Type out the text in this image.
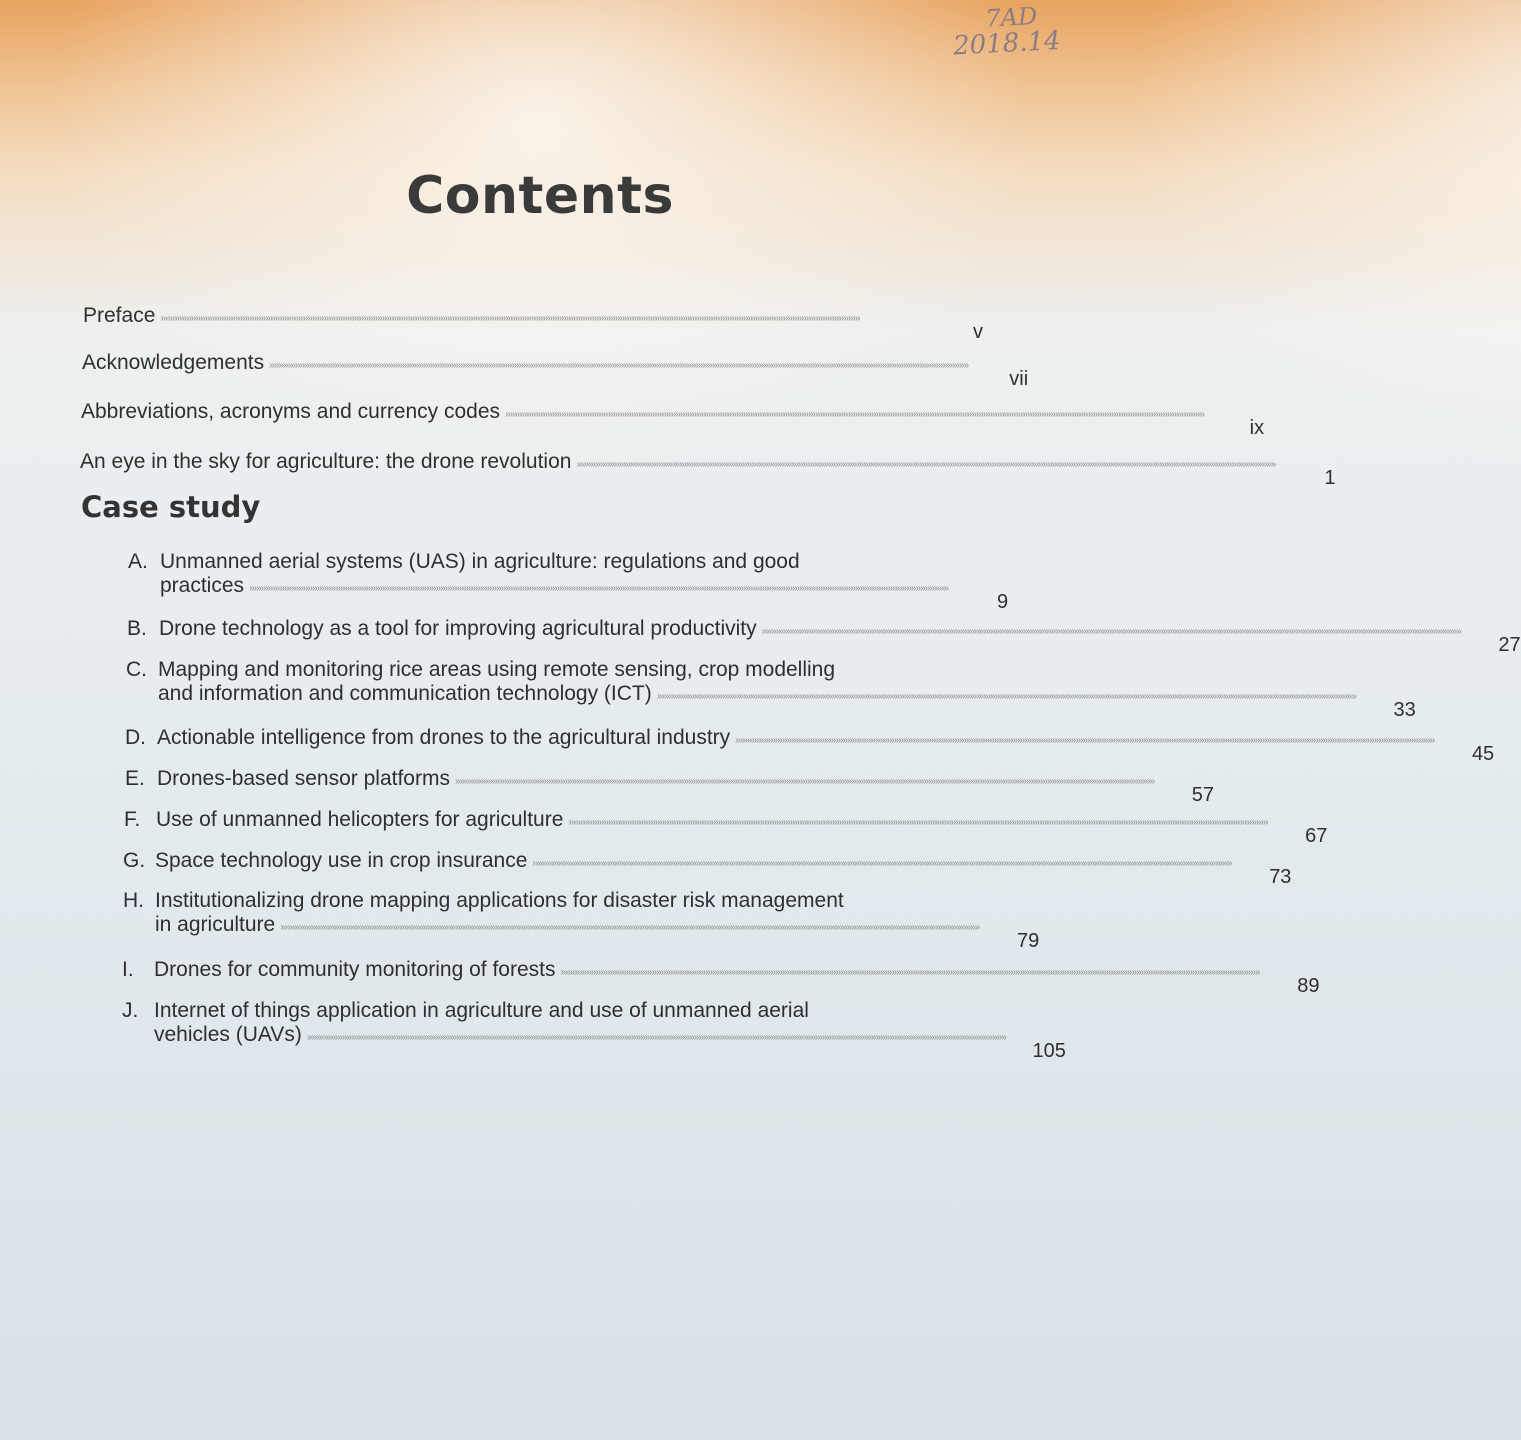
7AD
2018.14
Contents
Preface ››››››››››››››››››››››››››››››››››››››››››››››››››››››››››››››››››››››››››››››››››››››››››››››››››››››››››››››››››››››››››››››››››››››››››››››››››››››››››››››››››››››››››››››››››››››››››››››››››››››››››››››››››››››››››››››››››››››››››››››››››››››››››››››››››››››››››››››››››››››››››››››››››››››››››››
v
Acknowledgements ››››››››››››››››››››››››››››››››››››››››››››››››››››››››››››››››››››››››››››››››››››››››››››››››››››››››››››››››››››››››››››››››››››››››››››››››››››››››››››››››››››››››››››››››››››››››››››››››››››››››››››››››››››››››››››››››››››››››››››››››››››››››››››››››››››››››››››››››››››››››››››››››››››››››››››
vii
Abbreviations, acronyms and currency codes ››››››››››››››››››››››››››››››››››››››››››››››››››››››››››››››››››››››››››››››››››››››››››››››››››››››››››››››››››››››››››››››››››››››››››››››››››››››››››››››››››››››››››››››››››››››››››››››››››››››››››››››››››››››››››››››››››››››››››››››››››››››››››››››››››››››››››››››››››››››››››››››››››››››››››››
ix
An eye in the sky for agriculture: the drone revolution ››››››››››››››››››››››››››››››››››››››››››››››››››››››››››››››››››››››››››››››››››››››››››››››››››››››››››››››››››››››››››››››››››››››››››››››››››››››››››››››››››››››››››››››››››››››››››››››››››››››››››››››››››››››››››››››››››››››››››››››››››››››››››››››››››››››››››››››››››››››››››››››››››››››››››››
1
Case study
A. Unmanned aerial systems (UAS) in agriculture: regulations and good
practices ››››››››››››››››››››››››››››››››››››››››››››››››››››››››››››››››››››››››››››››››››››››››››››››››››››››››››››››››››››››››››››››››››››››››››››››››››››››››››››››››››››››››››››››››››››››››››››››››››››››››››››››››››››››››››››››››››››››››››››››››››››››››››››››››››››››››››››››››››››››››››››››››››››››››››››
9
B. Drone technology as a tool for improving agricultural productivity ››››››››››››››››››››››››››››››››››››››››››››››››››››››››››››››››››››››››››››››››››››››››››››››››››››››››››››››››››››››››››››››››››››››››››››››››››››››››››››››››››››››››››››››››››››››››››››››››››››››››››››››››››››››››››››››››››››››››››››››››››››››››››››››››››››››››››››››››››››››››››››››››››››››››››››
27
C. Mapping and monitoring rice areas using remote sensing, crop modelling
and information and communication technology (ICT) ››››››››››››››››››››››››››››››››››››››››››››››››››››››››››››››››››››››››››››››››››››››››››››››››››››››››››››››››››››››››››››››››››››››››››››››››››››››››››››››››››››››››››››››››››››››››››››››››››››››››››››››››››››››››››››››››››››››››››››››››››››››››››››››››››››››››››››››››››››››››››››››››››››››››››››
33
D. Actionable intelligence from drones to the agricultural industry ››››››››››››››››››››››››››››››››››››››››››››››››››››››››››››››››››››››››››››››››››››››››››››››››››››››››››››››››››››››››››››››››››››››››››››››››››››››››››››››››››››››››››››››››››››››››››››››››››››››››››››››››››››››››››››››››››››››››››››››››››››››››››››››››››››››››››››››››››››››››››››››››››››››››››››
45
E. Drones-based sensor platforms ››››››››››››››››››››››››››››››››››››››››››››››››››››››››››››››››››››››››››››››››››››››››››››››››››››››››››››››››››››››››››››››››››››››››››››››››››››››››››››››››››››››››››››››››››››››››››››››››››››››››››››››››››››››››››››››››››››››››››››››››››››››››››››››››››››››››››››››››››››››››››››››››››››››››››››
57
F. Use of unmanned helicopters for agriculture ››››››››››››››››››››››››››››››››››››››››››››››››››››››››››››››››››››››››››››››››››››››››››››››››››››››››››››››››››››››››››››››››››››››››››››››››››››››››››››››››››››››››››››››››››››››››››››››››››››››››››››››››››››››››››››››››››››››››››››››››››››››››››››››››››››››››››››››››››››››››››››››››››››››››››››
67
G. Space technology use in crop insurance ››››››››››››››››››››››››››››››››››››››››››››››››››››››››››››››››››››››››››››››››››››››››››››››››››››››››››››››››››››››››››››››››››››››››››››››››››››››››››››››››››››››››››››››››››››››››››››››››››››››››››››››››››››››››››››››››››››››››››››››››››››››››››››››››››››››››››››››››››››››››››››››››››››››››››››
73
H. Institutionalizing drone mapping applications for disaster risk management
in agriculture ››››››››››››››››››››››››››››››››››››››››››››››››››››››››››››››››››››››››››››››››››››››››››››››››››››››››››››››››››››››››››››››››››››››››››››››››››››››››››››››››››››››››››››››››››››››››››››››››››››››››››››››››››››››››››››››››››››››››››››››››››››››››››››››››››››››››››››››››››››››››››››››››››››››››››››
79
I. Drones for community monitoring of forests ››››››››››››››››››››››››››››››››››››››››››››››››››››››››››››››››››››››››››››››››››››››››››››››››››››››››››››››››››››››››››››››››››››››››››››››››››››››››››››››››››››››››››››››››››››››››››››››››››››››››››››››››››››››››››››››››››››››››››››››››››››››››››››››››››››››››››››››››››››››››››››››››››››››››››››
89
J. Internet of things application in agriculture and use of unmanned aerial
vehicles (UAVs) ››››››››››››››››››››››››››››››››››››››››››››››››››››››››››››››››››››››››››››››››››››››››››››››››››››››››››››››››››››››››››››››››››››››››››››››››››››››››››››››››››››››››››››››››››››››››››››››››››››››››››››››››››››››››››››››››››››››››››››››››››››››››››››››››››››››››››››››››››››››››››››››››››››››››››››
105
